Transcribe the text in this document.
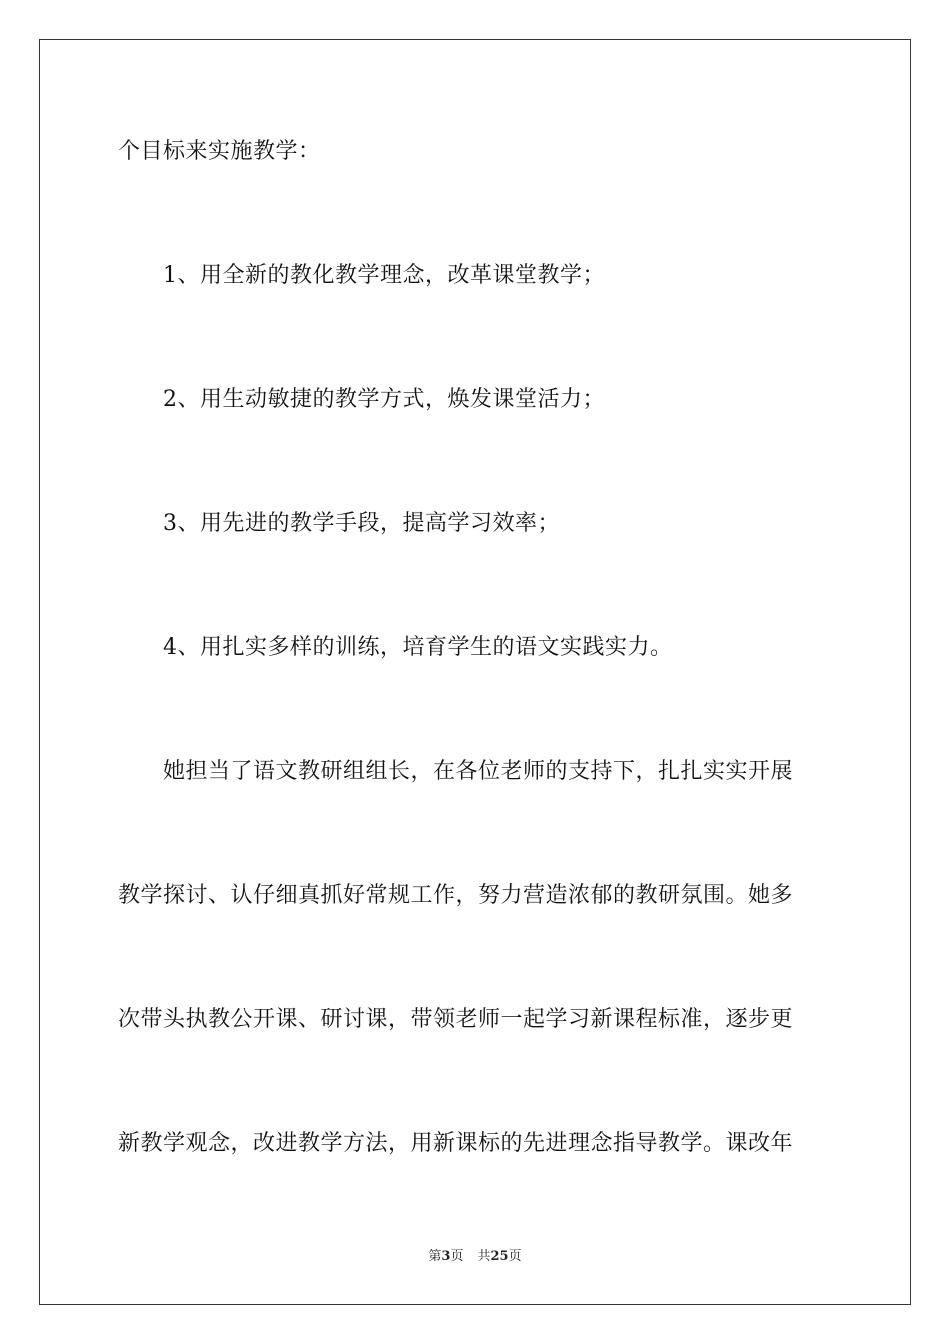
个目标来实施教学：
1、用全新的教化教学理念，改革课堂教学；
2、用生动敏捷的教学方式，焕发课堂活力；
3、用先进的教学手段，提高学习效率；
4、用扎实多样的训练，培育学生的语文实践实力。
她担当了语文教研组组长，在各位老师的支持下，扎扎实实开展
教学探讨、认仔细真抓好常规工作，努力营造浓郁的教研氛围。她多
次带头执教公开课、研讨课，带领老师一起学习新课程标准，逐步更
新教学观念，改进教学方法，用新课标的先进理念指导教学。课改年
第3页 共25页
